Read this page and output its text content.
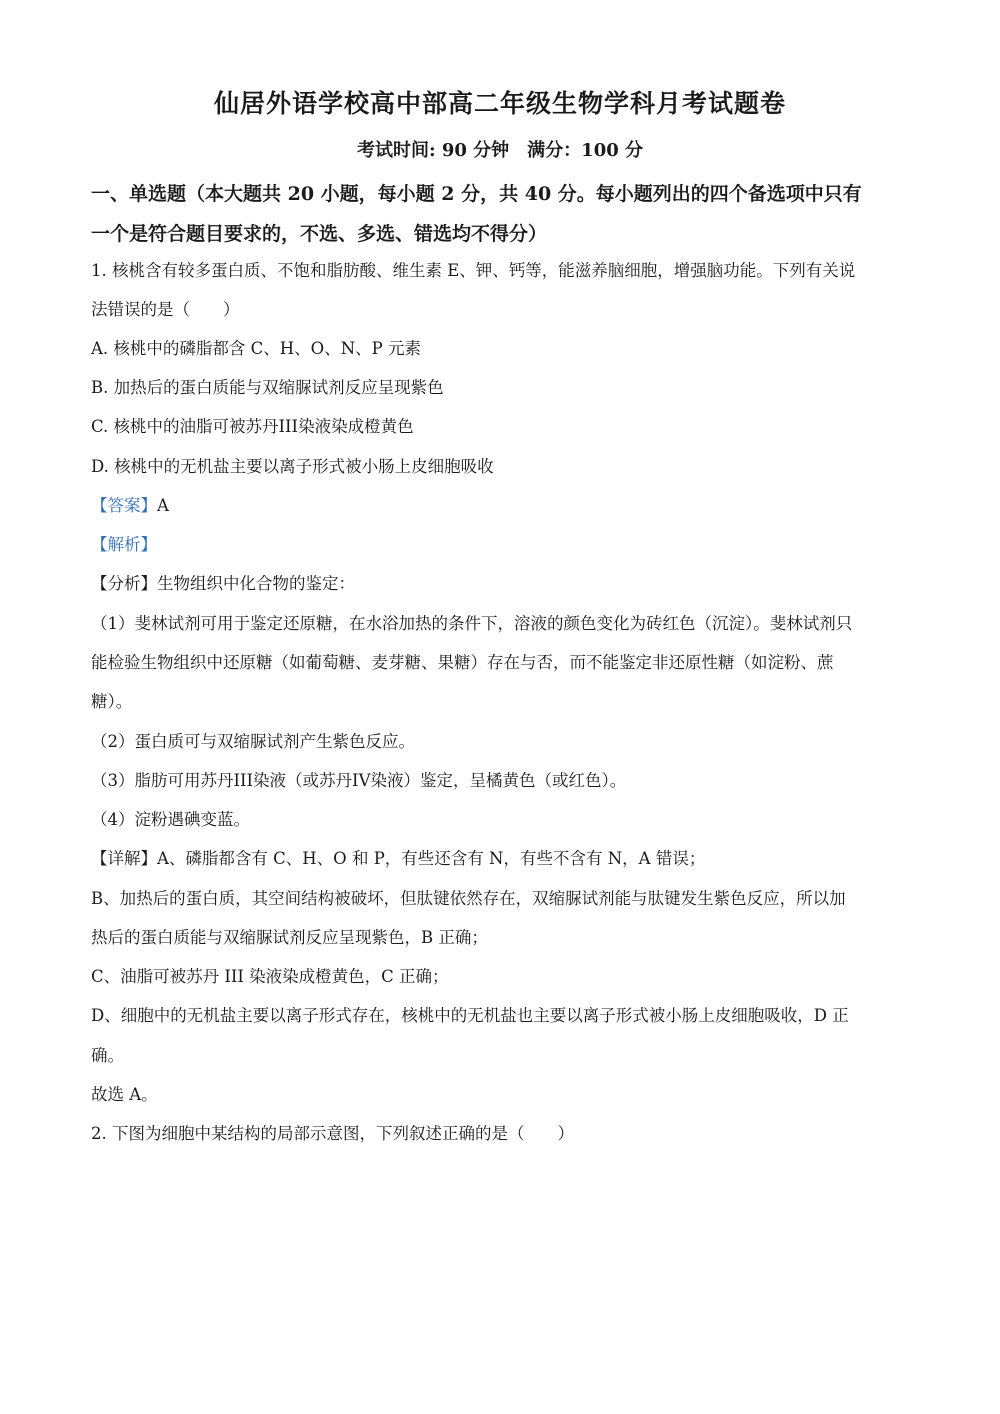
仙居外语学校高中部高二年级生物学科月考试题卷
考试时间: 90 分钟　满分：100 分
一、单选题（本大题共 20 小题，每小题 2 分，共 40 分。每小题列出的四个备选项中只有
一个是符合题目要求的，不选、多选、错选均不得分）
1. 核桃含有较多蛋白质、不饱和脂肪酸、维生素 E、钾、钙等，能滋养脑细胞，增强脑功能。下列有关说
法错误的是（　　）
A. 核桃中的磷脂都含 C、H、O、N、P 元素
B. 加热后的蛋白质能与双缩脲试剂反应呈现紫色
C. 核桃中的油脂可被苏丹III染液染成橙黄色
D. 核桃中的无机盐主要以离子形式被小肠上皮细胞吸收
【答案】A
【解析】
【分析】生物组织中化合物的鉴定：
（1）斐林试剂可用于鉴定还原糖，在水浴加热的条件下，溶液的颜色变化为砖红色（沉淀）。斐林试剂只
能检验生物组织中还原糖（如葡萄糖、麦芽糖、果糖）存在与否，而不能鉴定非还原性糖（如淀粉、蔗
糖）。
（2）蛋白质可与双缩脲试剂产生紫色反应。
（3）脂肪可用苏丹III染液（或苏丹IV染液）鉴定，呈橘黄色（或红色）。
（4）淀粉遇碘变蓝。
【详解】A、磷脂都含有 C、H、O 和 P，有些还含有 N，有些不含有 N，A 错误；
B、加热后的蛋白质，其空间结构被破坏，但肽键依然存在，双缩脲试剂能与肽键发生紫色反应，所以加
热后的蛋白质能与双缩脲试剂反应呈现紫色，B 正确；
C、油脂可被苏丹 III 染液染成橙黄色，C 正确；
D、细胞中的无机盐主要以离子形式存在，核桃中的无机盐也主要以离子形式被小肠上皮细胞吸收，D 正
确。
故选 A。
2. 下图为细胞中某结构的局部示意图，下列叙述正确的是（　　）
